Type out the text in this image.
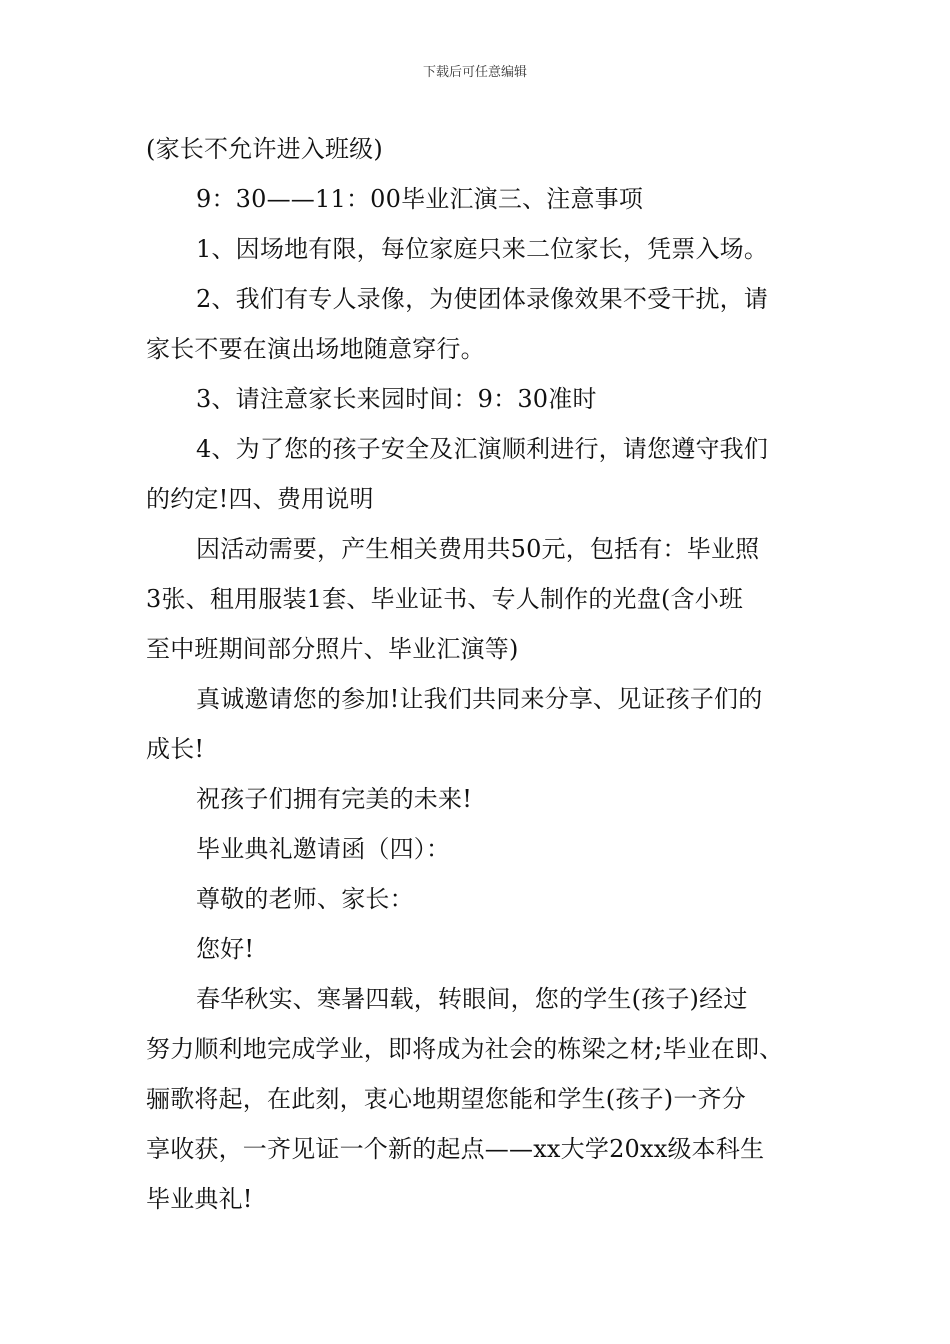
下载后可任意编辑
(家长不允许进入班级)
9：30——11：00毕业汇演三、注意事项
1、因场地有限，每位家庭只来二位家长，凭票入场。
2、我们有专人录像，为使团体录像效果不受干扰，请
家长不要在演出场地随意穿行。
3、请注意家长来园时间：9：30准时
4、为了您的孩子安全及汇演顺利进行，请您遵守我们
的约定!四、费用说明
因活动需要，产生相关费用共50元，包括有：毕业照
3张、租用服装1套、毕业证书、专人制作的光盘(含小班
至中班期间部分照片、毕业汇演等)
真诚邀请您的参加!让我们共同来分享、见证孩子们的
成长!
祝孩子们拥有完美的未来!
毕业典礼邀请函（四）：
尊敬的老师、家长：
您好!
春华秋实、寒暑四载，转眼间，您的学生(孩子)经过
努力顺利地完成学业，即将成为社会的栋梁之材;毕业在即、
骊歌将起，在此刻，衷心地期望您能和学生(孩子)一齐分
享收获，一齐见证一个新的起点——xx大学20xx级本科生
毕业典礼!
